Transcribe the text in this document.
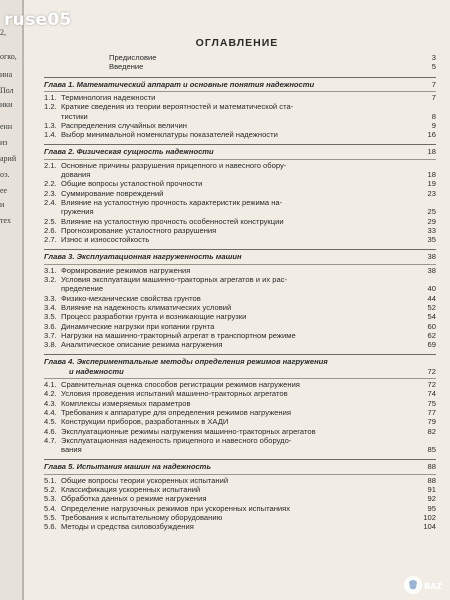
ОГЛАВЛЕНИЕ
Предисловие	3
Введение	5
Глава 1. Математический аппарат и основные понятия надежности	7
1.1. Терминология надежности	7
1.2. Краткие сведения из теории вероятностей и математической ста-
тистики	8
1.3. Распределения случайных величин	9
1.4. Выбор минимальной номенклатуры показателей надежности	16
Глава 2. Физическая сущность надежности	18
2.1. Основные причины разрушения прицепного и навесного обору-
дования	18
2.2. Общие вопросы усталостной прочности	19
2.3. Суммирование повреждений	23
2.4. Влияние на усталостную прочность характеристик режима на-
гружения	25
2.5. Влияние на усталостную прочность особенностей конструкции	29
2.6. Прогнозирование усталостного разрушения	33
2.7. Износ и износостойкость	35
Глава 3. Эксплуатационная нагруженность машин	38
3.1. Формирование режимов нагружения	38
3.2. Условия эксплуатации машинно-тракторных агрегатов и их рас-
пределение	40
3.3. Физико-механические свойства грунтов	44
3.4. Влияние на надежность климатических условий	52
3.5. Процесс разработки грунта и возникающие нагрузки	54
3.6. Динамические нагрузки при копании грунта	60
3.7. Нагрузки на машинно-тракторный агрегат в транспортном режиме	62
3.8. Аналитическое описание режима нагружения	69
Глава 4. Экспериментальные методы определения режимов нагружения
и надежности	72
4.1. Сравнительная оценка способов регистрации режимов нагружения	72
4.2. Условия проведения испытаний машинно-тракторных агрегатов	74
4.3. Комплексы измеряемых параметров	75
4.4. Требования к аппаратуре для определения режимов нагружения	77
4.5. Конструкции приборов, разработанных в ХАДИ	79
4.6. Эксплуатационные режимы нагружения машинно-тракторных агрегатов	82
4.7. Эксплуатационная надежность прицепного и навесного оборудо-
вания	85
Глава 5. Испытания машин на надежность	88
5.1. Общие вопросы теории ускоренных испытаний	88
5.2. Классификация ускоренных испытаний	91
5.3. Обработка данных о режиме нагружения	92
5.4. Определение нагрузочных режимов при ускоренных испытаниях	95
5.5. Требования к испытательному оборудованию	102
5.6. Методы и средства силовозбуждения	104
2,
огко,
ина
Пол
ики
енн
из
арий
оэ.
ее
и
тех
ruse05
BAZ
